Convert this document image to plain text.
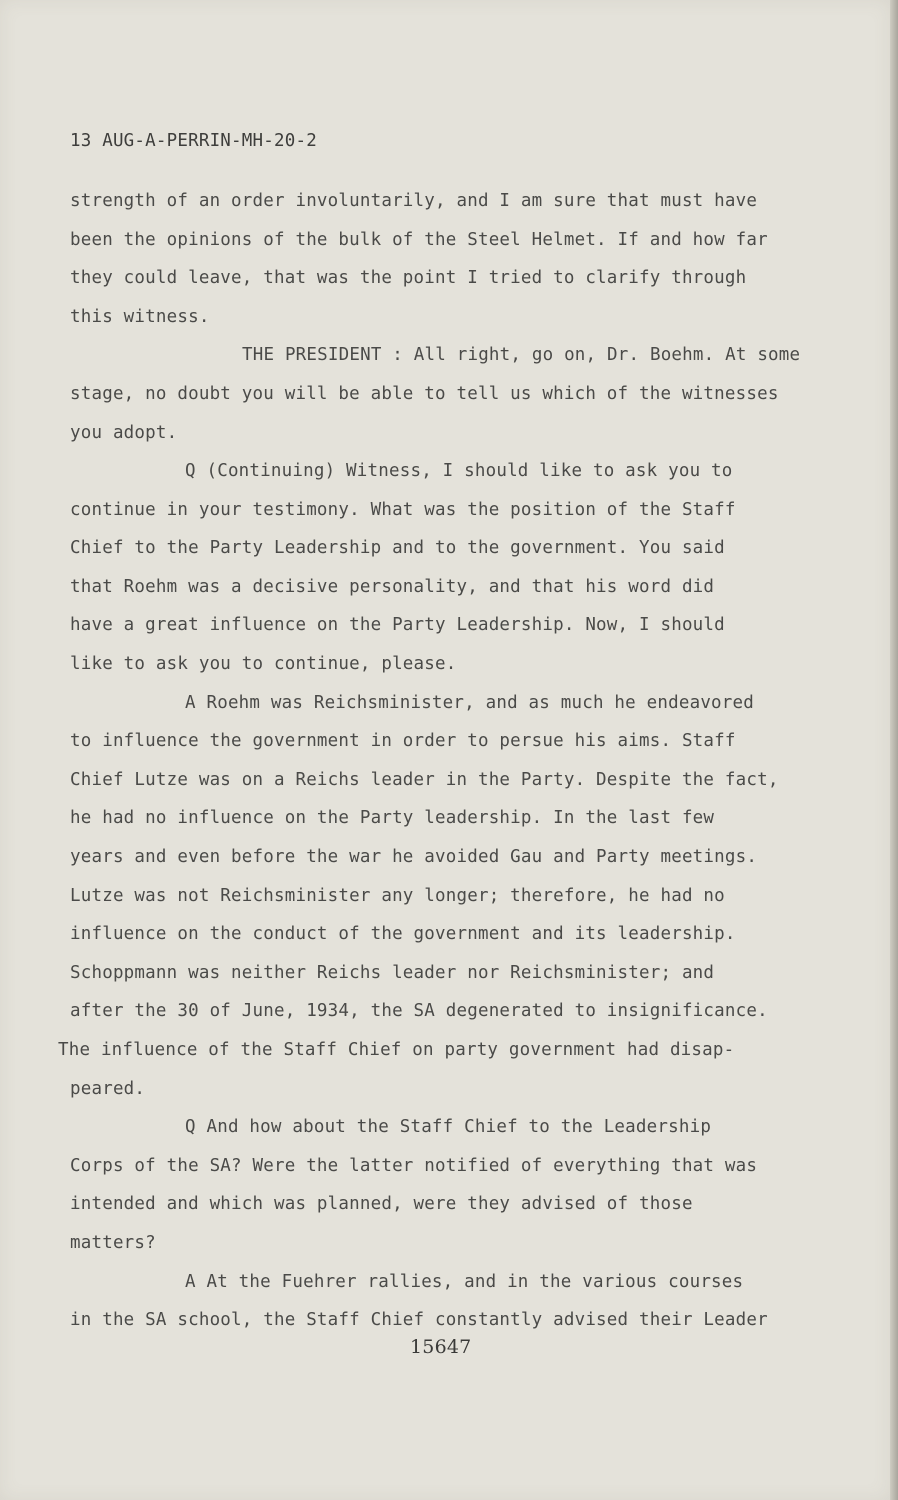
13 AUG-A-PERRIN-MH-20-2
strength of an order involuntarily, and I am sure that must have
been the opinions of the bulk of the Steel Helmet. If and how far
they could leave, that was the point I tried to clarify through
this witness.
THE PRESIDENT : All right, go on, Dr. Boehm. At some
stage, no doubt you will be able to tell us which of the witnesses
you adopt.
Q (Continuing) Witness, I should like to ask you to
continue in your testimony. What was the position of the Staff
Chief to the Party Leadership and to the government. You said
that Roehm was a decisive personality, and that his word did
have a great influence on the Party Leadership. Now, I should
like to ask you to continue, please.
A Roehm was Reichsminister, and as much he endeavored
to influence the government in order to persue his aims. Staff
Chief Lutze was on a Reichs leader in the Party. Despite the fact,
he had no influence on the Party leadership. In the last few
years and even before the war he avoided Gau and Party meetings.
Lutze was not Reichsminister any longer; therefore, he had no
influence on the conduct of the government and its leadership.
Schoppmann was neither Reichs leader nor Reichsminister; and
after the 30 of June, 1934, the SA degenerated to insignificance.
The influence of the Staff Chief on party government had disap-
peared.
Q And how about the Staff Chief to the Leadership
Corps of the SA? Were the latter notified of everything that was
intended and which was planned, were they advised of those
matters?
A At the Fuehrer rallies, and in the various courses
in the SA school, the Staff Chief constantly advised their Leader
15647
